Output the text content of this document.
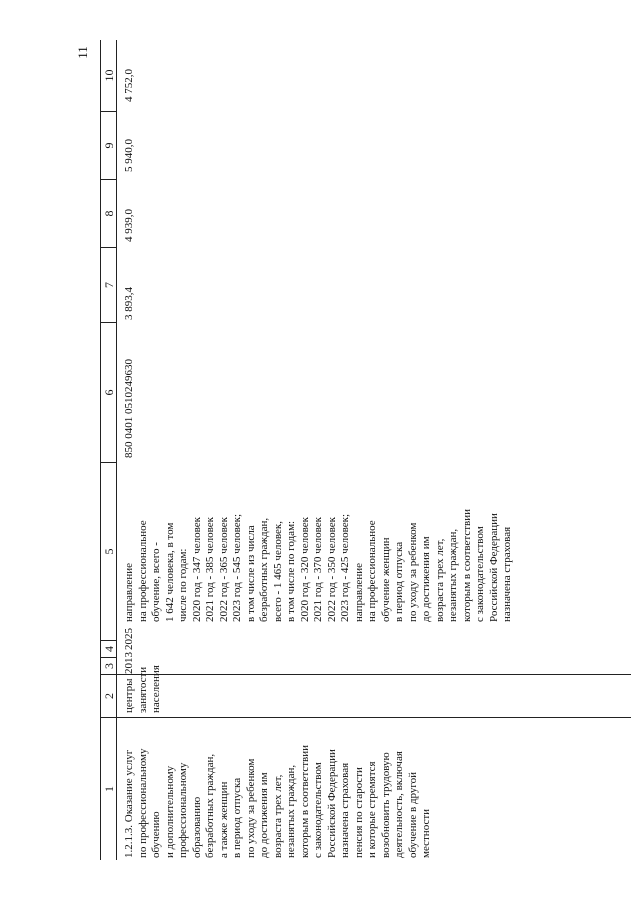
11
1
2
3
4
5
6
7
8
9
10
1.2.1.3. Оказание услуг по профессиональному обучению и дополнительному профессиональному образованию безработных граждан, а также женщин в период отпуска по уходу за ребенком до достижения им возраста трех лет, незанятых граждан, которым в соответствии с законодательством Российской Федерации назначена страховая пенсия по старости и которые стремятся возобновить трудовую деятельность, включая обучение в другой местности
центры занятости населения
2013
2025
направление на профессиональное обучение, всего - 1 642 человека, в том числе по годам: 2020 год - 347 человек 2021 год - 385 человек 2022 год - 365 человек 2023 год - 545 человек; в том числе из числа безработных граждан, всего - 1 465 человек, в том числе по годам: 2020 год - 320 человек 2021 год - 370 человек 2022 год - 350 человек 2023 год - 425 человек; направление на профессиональное обучение женщин в период отпуска по уходу за ребенком до достижения им возраста трех лет, незанятых граждан, которым в соответствии с законодательством Российской Федерации назначена страховая
850 0401 0510249630
3 893,4
4 939,0
5 940,0
4 752,0
